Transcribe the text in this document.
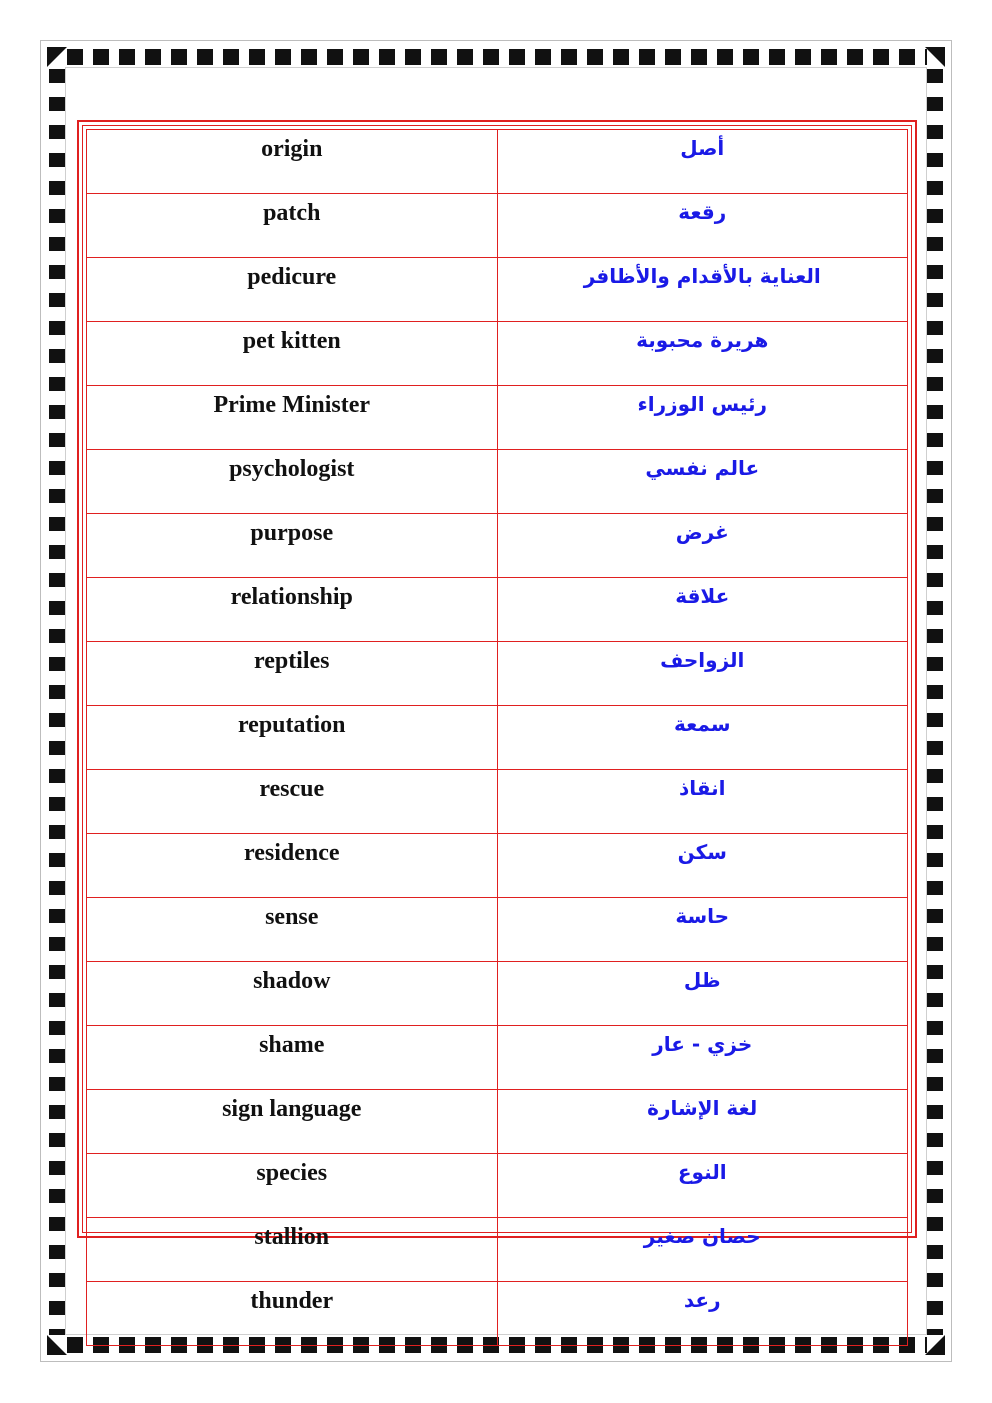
origin	أصل
patch	رقعة
pedicure	العناية بالأقدام والأظافر
pet kitten	هريرة محبوبة
Prime Minister	رئيس الوزراء
psychologist	عالم نفسي
purpose	غرض
relationship	علاقة
reptiles	الزواحف
reputation	سمعة
rescue	انقاذ
residence	سكن
sense	حاسة
shadow	ظل
shame	خزي - عار
sign language	لغة الإشارة
species	النوع
stallion	حصان صغير
thunder	رعد
